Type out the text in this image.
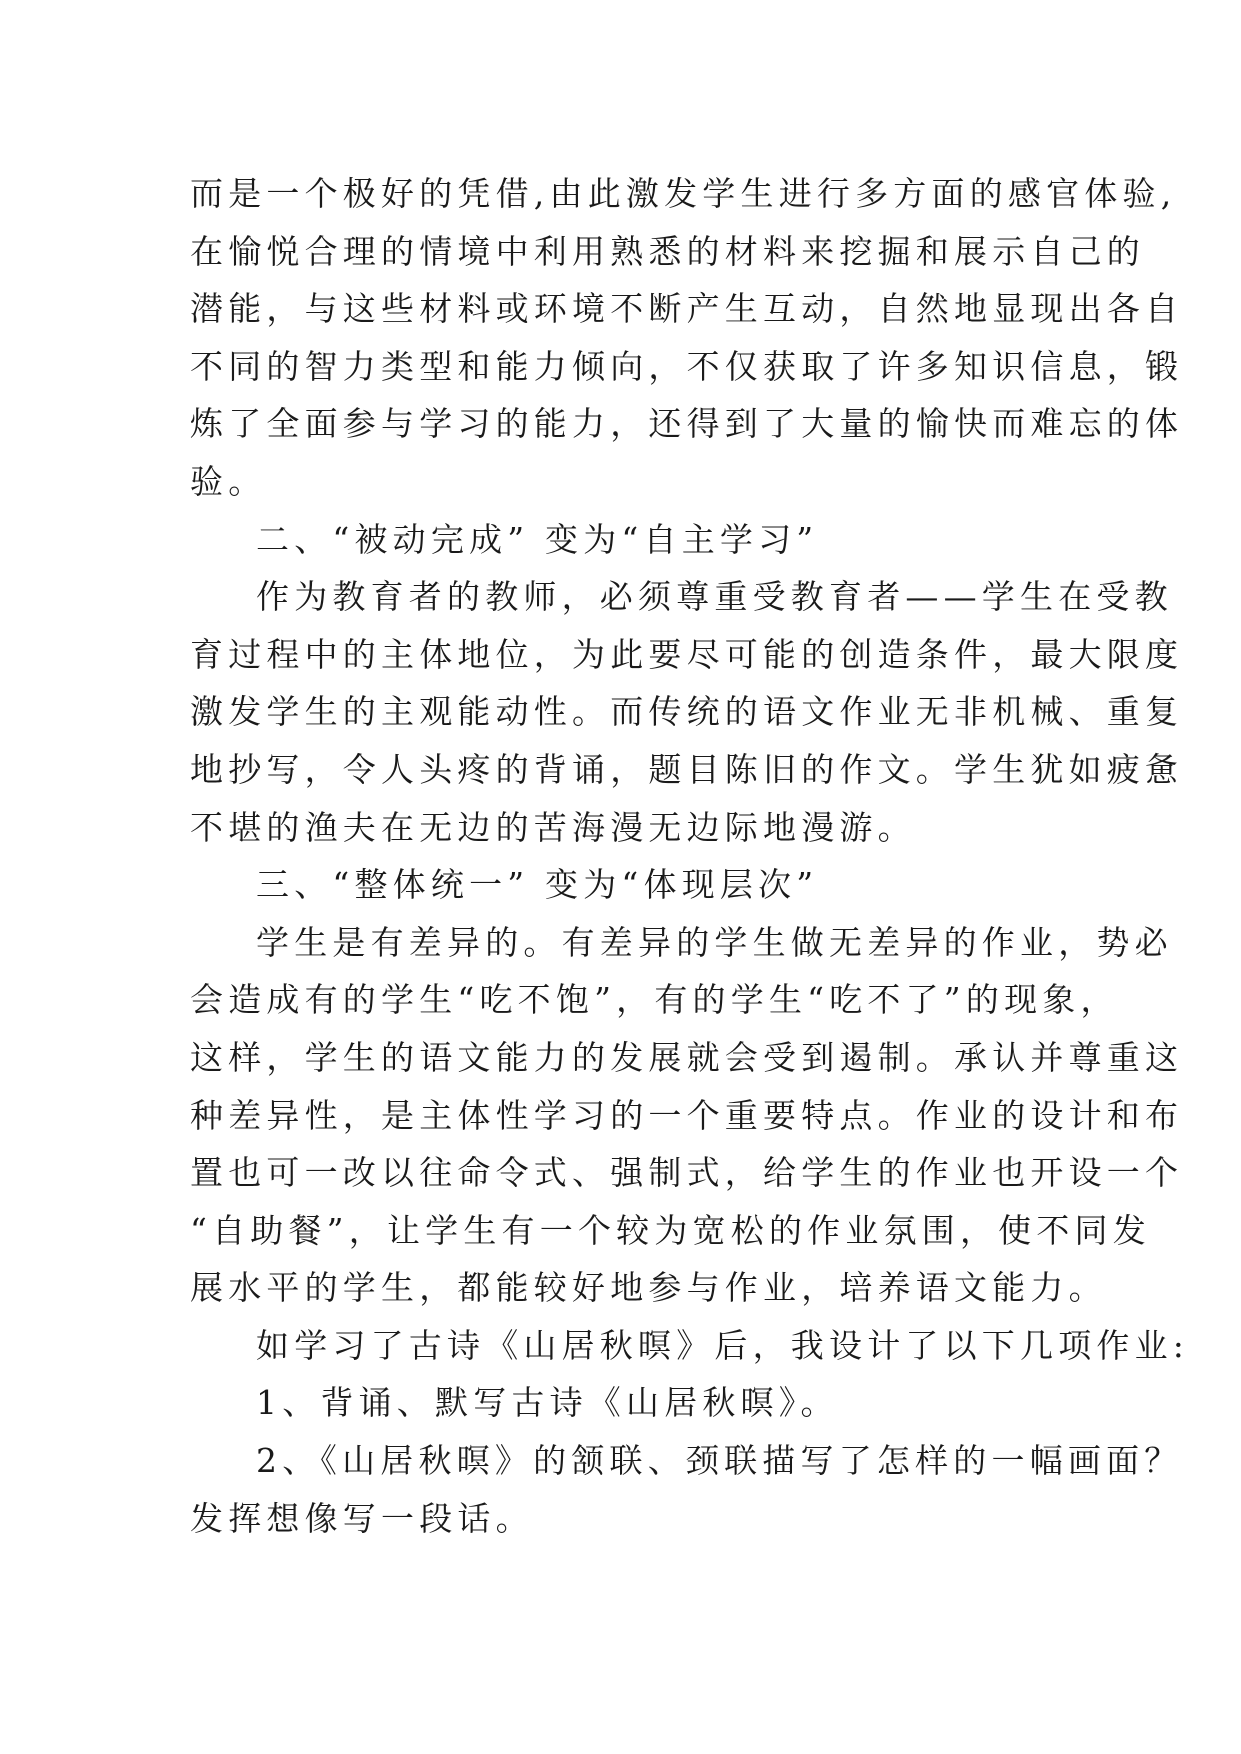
而是一个极好的凭借,由此激发学生进行多方面的感官体验,
在愉悦合理的情境中利用熟悉的材料来挖掘和展示自己的
潜能，与这些材料或环境不断产生互动，自然地显现出各自
不同的智力类型和能力倾向，不仅获取了许多知识信息，锻
炼了全面参与学习的能力，还得到了大量的愉快而难忘的体
验。
二、“被动完成” 变为“自主学习”
作为教育者的教师，必须尊重受教育者——学生在受教
育过程中的主体地位，为此要尽可能的创造条件，最大限度
激发学生的主观能动性。而传统的语文作业无非机械、重复
地抄写，令人头疼的背诵，题目陈旧的作文。学生犹如疲惫
不堪的渔夫在无边的苦海漫无边际地漫游。
三、“整体统一” 变为“体现层次”
学生是有差异的。有差异的学生做无差异的作业，势必
会造成有的学生“吃不饱”，有的学生“吃不了”的现象，
这样，学生的语文能力的发展就会受到遏制。承认并尊重这
种差异性，是主体性学习的一个重要特点。作业的设计和布
置也可一改以往命令式、强制式，给学生的作业也开设一个
“自助餐”，让学生有一个较为宽松的作业氛围，使不同发
展水平的学生，都能较好地参与作业，培养语文能力。
如学习了古诗《山居秋暝》后，我设计了以下几项作业:
1、背诵、默写古诗《山居秋暝》。
2、《山居秋暝》的颔联、颈联描写了怎样的一幅画面？
发挥想像写一段话。
